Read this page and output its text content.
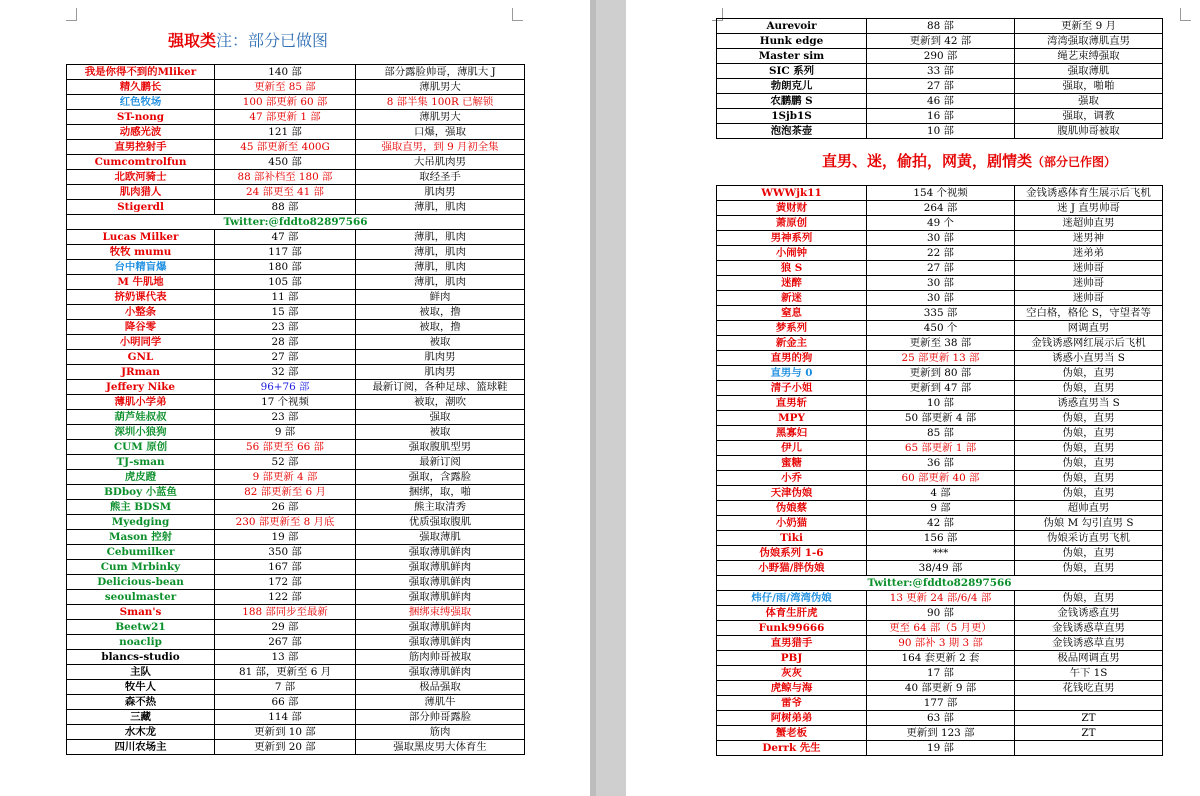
强取类注：部分已做图
我是你得不到的Mliker	140 部	部分露脸帅哥，薄肌大 J
精久鹏长	更新至 85 部	薄肌男大
红色牧场	100 部更新 60 部	8 部半集 100R 已解锁
ST-nong	47 部更新 1 部	薄肌男大
动感光波	121 部	口爆，强取
直男控射手	45 部更新至 400G	强取直男，到 9 月初全集
Cumcomtrolfun	450 部	大吊肌肉男
北欧河骑士	88 部补档至 180 部	取经圣手
肌肉猎人	24 部更至 41 部	肌肉男
Stigerdl	88 部	薄肌，肌肉
Twitter:@fddto82897566		
Lucas Milker	47 部	薄肌，肌肉
牧牧 mumu	117 部	薄肌，肌肉
台中精盲爆	180 部	薄肌，肌肉
M 牛肌地	105 部	薄肌，肌肉
挤奶课代表	11 部	鲜肉
小整条	15 部	被取，撸
降谷零	23 部	被取，撸
小明同学	28 部	被取
GNL	27 部	肌肉男
JRman	32 部	肌肉男
Jeffery Nike	96+76 部	最新订阅，各种足球、篮球鞋
薄肌小学弟	17 个视频	被取，潮吹
葫芦娃叔叔	23 部	强取
深圳小狼狗	9 部	被取
CUM 原创	56 部更至 66 部	强取腹肌型男
TJ-sman	52 部	最新订阅
虎皮蹬	9 部更新 4 部	强取，含露脸
BDboy 小蓝鱼	82 部更新至 6 月	捆绑，取，啪
熊主 BDSM	26 部	熊主取清秀
Myedging	230 部更新至 8 月底	优质强取腹肌
Mason 控射	19 部	强取薄肌
Cebumilker	350 部	强取薄肌鲜肉
Cum Mrbinky	167 部	强取薄肌鲜肉
Delicious-bean	172 部	强取薄肌鲜肉
seoulmaster	122 部	强取薄肌鲜肉
Sman's	188 部同步至最新	捆绑束缚强取
Beetw21	29 部	强取薄肌鲜肉
noaclip	267 部	强取薄肌鲜肉
blancs-studio	13 部	筋肉帅哥被取
主队	81 部，更新至 6 月	强取薄肌鲜肉
牧牛人	7 部	极品强取
森不热	66 部	薄肌牛
三藏	114 部	部分帅哥露脸
水木龙	更新到 10 部	筋肉
四川农场主	更新到 20 部	强取黑皮男大体育生
Aurevoir	88 部	更新至 9 月
Hunk edge	更新到 42 部	湾湾强取薄肌直男
Master sim	290 部	绳艺束缚强取
SIC 系列	33 部	强取薄肌
勃朗克儿	27 部	强取，啪啪
农鹏鹏 S	46 部	强取
1Sjb1S	16 部	强取，调教
泡泡茶壶	10 部	腹肌帅哥被取
直男、迷，偷拍，网黄，剧情类（部分已作图）
WWWjk11	154 个视频	金钱诱惑体育生展示后飞机
黄财财	264 部	迷 J 直男帅哥
萧原创	49 个	迷超帅直男
男神系列	30 部	迷男神
小闹钟	22 部	迷弟弟
狼 S	27 部	迷帅哥
迷醉	30 部	迷帅哥
新迷	30 部	迷帅哥
窒息	335 部	空白格，格伦 S，守望者等
梦系列	450 个	网调直男
新金主	更新至 38 部	金钱诱惑网红展示后飞机
直男的狗	25 部更新 13 部	诱惑小直男当 S
直男与 0	更新到 80 部	伪娘，直男
清子小姐	更新到 47 部	伪娘，直男
直男斩	10 部	诱惑直男当 S
MPY	50 部更新 4 部	伪娘，直男
黑寡妇	85 部	伪娘，直男
伊儿	65 部更新 1 部	伪娘，直男
蜜糖	36 部	伪娘，直男
小乔	60 部更新 40 部	伪娘，直男
天津伪娘	4 部	伪娘，直男
伪娘蔡	9 部	超帅直男
小奶猫	42 部	伪娘 M 勾引直男 S
Tiki	156 部	伪娘采访直男飞机
伪娘系列 1-6	***	伪娘，直男
小野猫/胖伪娘	38/49 部	伪娘，直男
Twitter:@fddto82897566		
炜仔/雨/湾湾伪娘	13 更新 24 部/6/4 部	伪娘，直男
体育生肝虎	90 部	金钱诱惑直男
Funk99666	更至 64 部（5 月更）	金钱诱惑草直男
直男猎手	90 部补 3 期 3 部	金钱诱惑草直男
PBJ	164 套更新 2 套	极品网调直男
灰灰	17 部	午下 1S
虎鲸与海	40 部更新 9 部	花钱吃直男
雷爷	177 部	
阿树弟弟	63 部	ZT
蟹老板	更新到 123 部	ZT
Derrk 先生	19 部	
